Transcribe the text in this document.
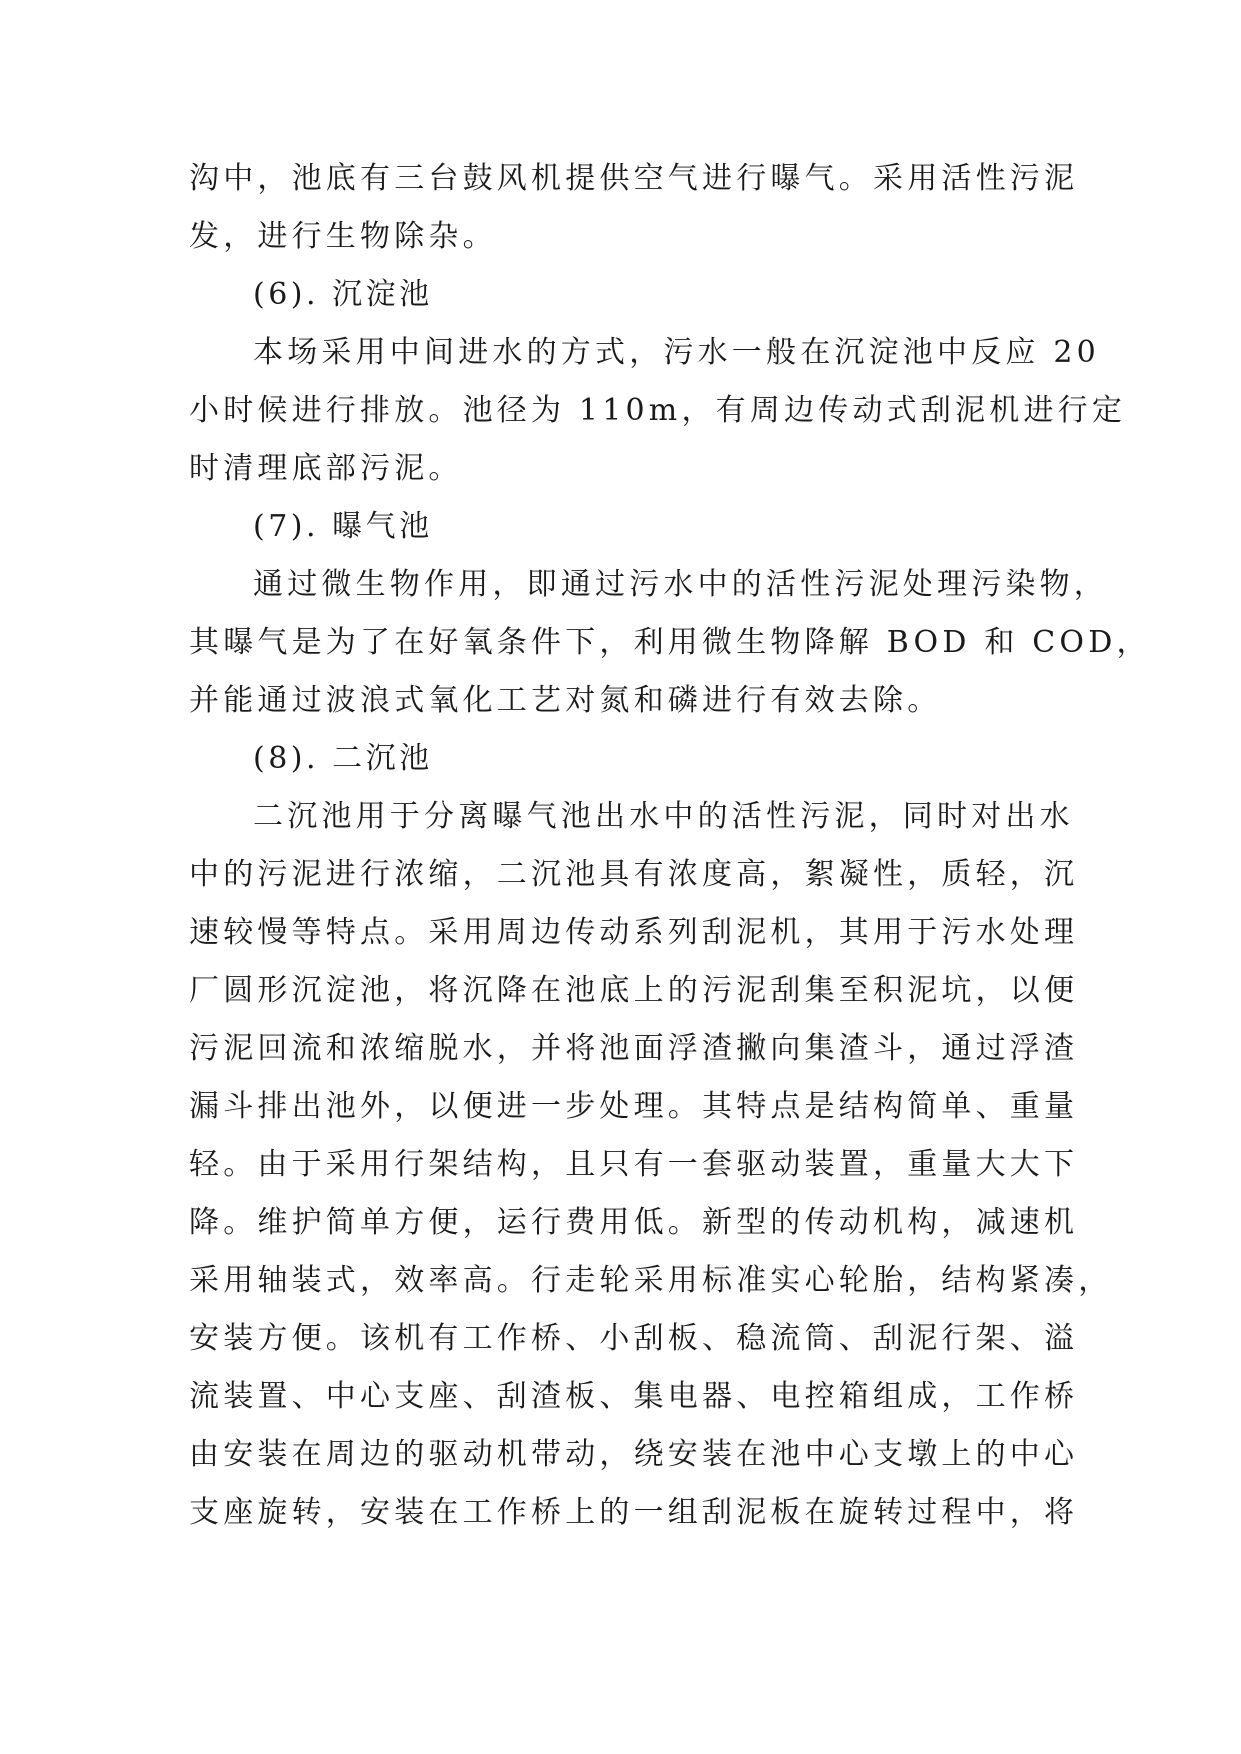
沟中，池底有三台鼓风机提供空气进行曝气。采用活性污泥
发，进行生物除杂。
(6). 沉淀池
本场采用中间进水的方式，污水一般在沉淀池中反应 20
小时候进行排放。池径为 110m，有周边传动式刮泥机进行定
时清理底部污泥。
(7). 曝气池
通过微生物作用，即通过污水中的活性污泥处理污染物，
其曝气是为了在好氧条件下，利用微生物降解 BOD 和 COD，
并能通过波浪式氧化工艺对氮和磷进行有效去除。
(8). 二沉池
二沉池用于分离曝气池出水中的活性污泥，同时对出水
中的污泥进行浓缩，二沉池具有浓度高，絮凝性，质轻，沉
速较慢等特点。采用周边传动系列刮泥机，其用于污水处理
厂圆形沉淀池，将沉降在池底上的污泥刮集至积泥坑，以便
污泥回流和浓缩脱水，并将池面浮渣撇向集渣斗，通过浮渣
漏斗排出池外，以便进一步处理。其特点是结构简单、重量
轻。由于采用行架结构，且只有一套驱动装置，重量大大下
降。维护简单方便，运行费用低。新型的传动机构，减速机
采用轴装式，效率高。行走轮采用标准实心轮胎，结构紧凑，
安装方便。该机有工作桥、小刮板、稳流筒、刮泥行架、溢
流装置、中心支座、刮渣板、集电器、电控箱组成，工作桥
由安装在周边的驱动机带动，绕安装在池中心支墩上的中心
支座旋转，安装在工作桥上的一组刮泥板在旋转过程中，将
